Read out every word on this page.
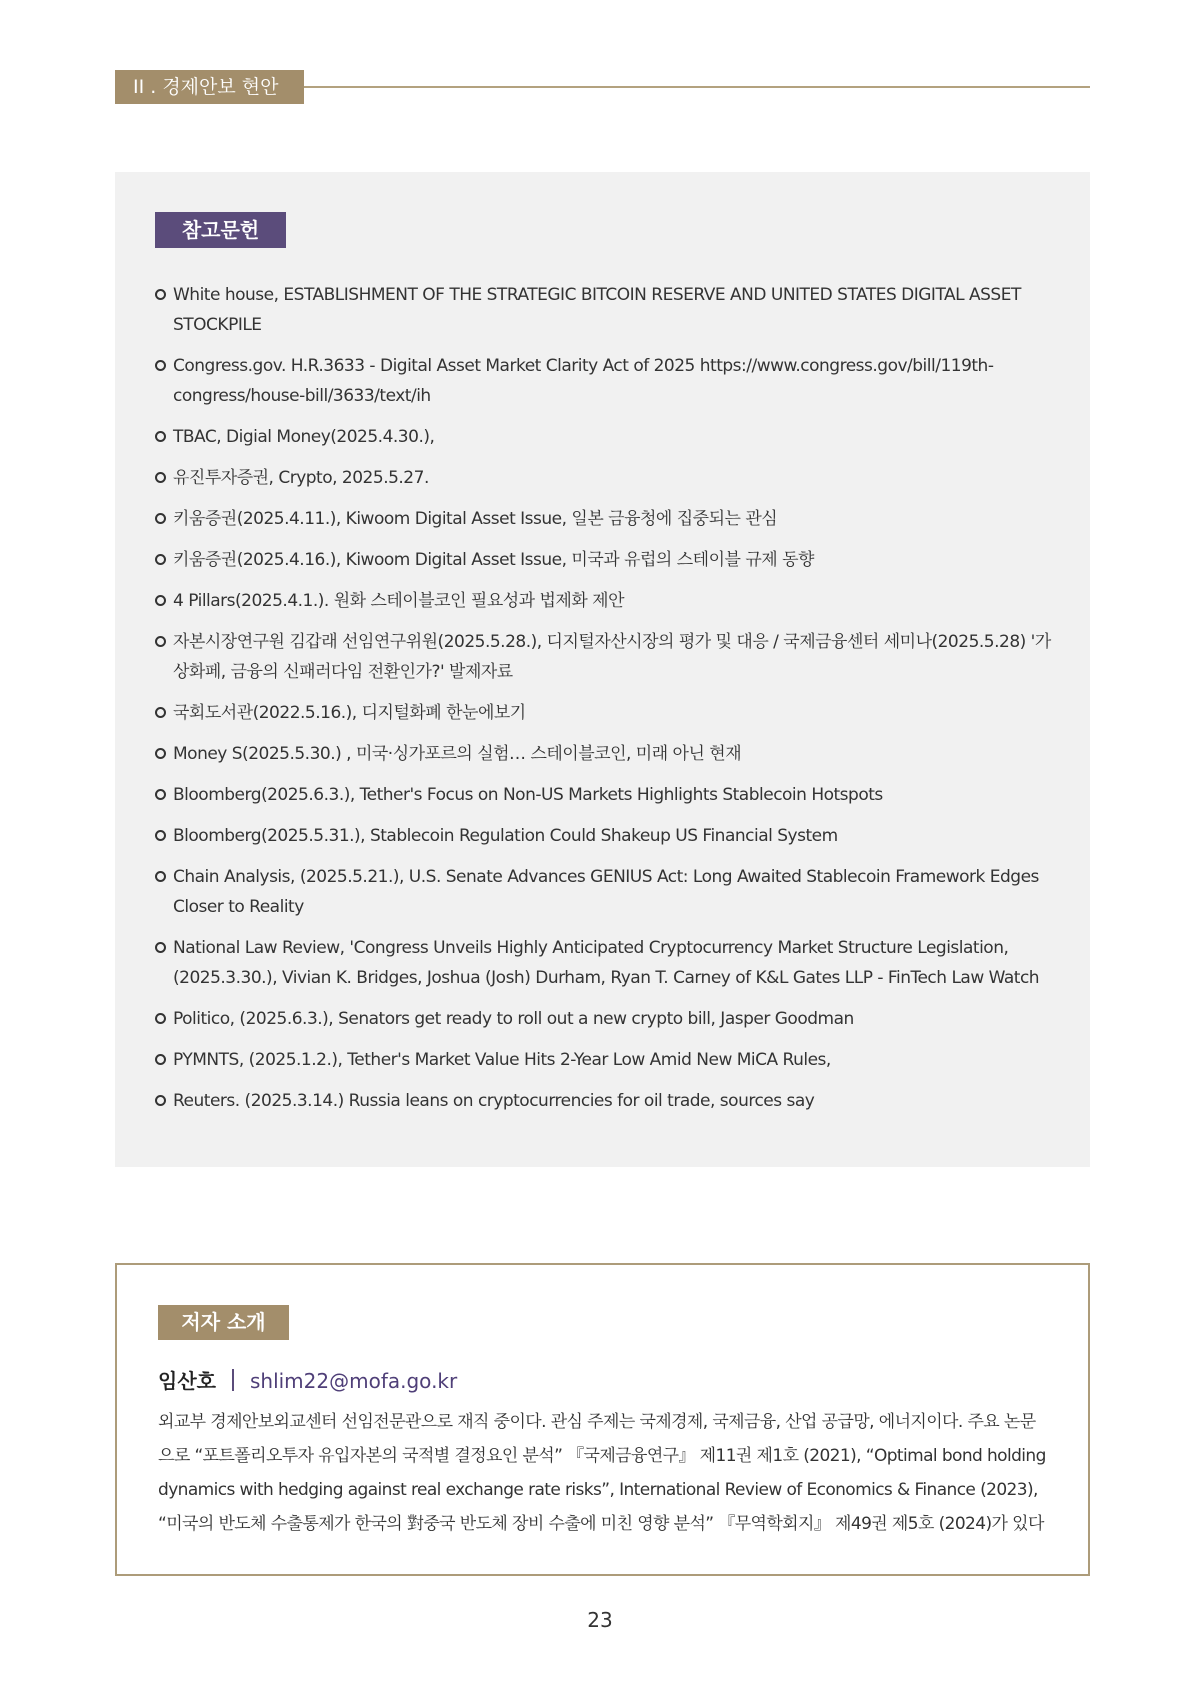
II . 경제안보 현안
참고문헌
White house, ESTABLISHMENT OF THE STRATEGIC BITCOIN RESERVE AND UNITED STATES DIGITAL ASSET STOCKPILE
Congress.gov. H.R.3633 - Digital Asset Market Clarity Act of 2025 https://www.congress.gov/bill/119th-congress/house-bill/3633/text/ih
TBAC, Digial Money(2025.4.30.),
유진투자증권, Crypto, 2025.5.27.
키움증권(2025.4.11.), Kiwoom Digital Asset Issue, 일본 금융청에 집중되는 관심
키움증권(2025.4.16.), Kiwoom Digital Asset Issue, 미국과 유럽의 스테이블 규제 동향
4 Pillars(2025.4.1.). 원화 스테이블코인 필요성과 법제화 제안
자본시장연구원 김갑래 선임연구위원(2025.5.28.), 디지털자산시장의 평가 및 대응 / 국제금융센터 세미나(2025.5.28) '가상화페, 금융의 신패러다임 전환인가?' 발제자료
국회도서관(2022.5.16.), 디지털화폐 한눈에보기
Money S(2025.5.30.) , 미국·싱가포르의 실험… 스테이블코인, 미래 아닌 현재
Bloomberg(2025.6.3.), Tether's Focus on Non-US Markets Highlights Stablecoin Hotspots
Bloomberg(2025.5.31.), Stablecoin Regulation Could Shakeup US Financial System
Chain Analysis, (2025.5.21.), U.S. Senate Advances GENIUS Act: Long Awaited Stablecoin Framework Edges Closer to Reality
National Law Review, 'Congress Unveils Highly Anticipated Cryptocurrency Market Structure Legislation, (2025.3.30.), Vivian K. Bridges, Joshua (Josh) Durham, Ryan T. Carney of K&L Gates LLP - FinTech Law Watch
Politico, (2025.6.3.), Senators get ready to roll out a new crypto bill, Jasper Goodman
PYMNTS, (2025.1.2.), Tether's Market Value Hits 2-Year Low Amid New MiCA Rules,
Reuters. (2025.3.14.) Russia leans on cryptocurrencies for oil trade, sources say
저자 소개
임산호 shlim22@mofa.go.kr

외교부 경제안보외교센터 선임전문관으로 재직 중이다. 관심 주제는 국제경제, 국제금융, 산업 공급망, 에너지이다. 주요 논문으로 “포트폴리오투자 유입자본의 국적별 결정요인 분석” 『국제금융연구』 제11권 제1호 (2021), “Optimal bond holding dynamics with hedging against real exchange rate risks”, International Review of Economics & Finance (2023), “미국의 반도체 수출통제가 한국의 對중국 반도체 장비 수출에 미친 영향 분석” 『무역학회지』 제49권 제5호 (2024)가 있다

23
